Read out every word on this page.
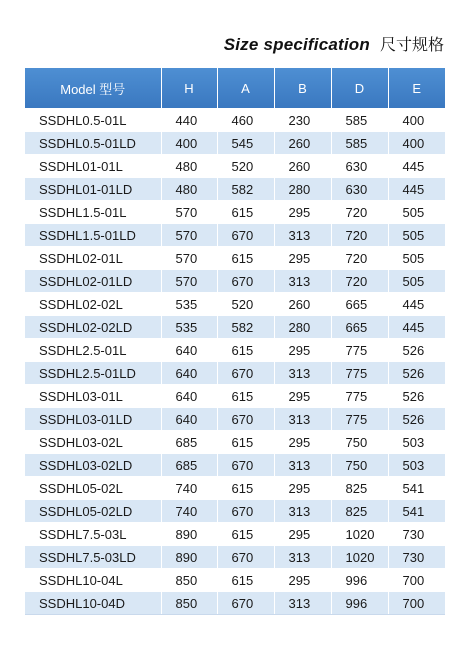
Size specification 尺寸规格
Model 型号	H	A	B	D	E
SSDHL0.5-01L	440	460	230	585	400
SSDHL0.5-01LD	400	545	260	585	400
SSDHL01-01L	480	520	260	630	445
SSDHL01-01LD	480	582	280	630	445
SSDHL1.5-01L	570	615	295	720	505
SSDHL1.5-01LD	570	670	313	720	505
SSDHL02-01L	570	615	295	720	505
SSDHL02-01LD	570	670	313	720	505
SSDHL02-02L	535	520	260	665	445
SSDHL02-02LD	535	582	280	665	445
SSDHL2.5-01L	640	615	295	775	526
SSDHL2.5-01LD	640	670	313	775	526
SSDHL03-01L	640	615	295	775	526
SSDHL03-01LD	640	670	313	775	526
SSDHL03-02L	685	615	295	750	503
SSDHL03-02LD	685	670	313	750	503
SSDHL05-02L	740	615	295	825	541
SSDHL05-02LD	740	670	313	825	541
SSDHL7.5-03L	890	615	295	1020	730
SSDHL7.5-03LD	890	670	313	1020	730
SSDHL10-04L	850	615	295	996	700
SSDHL10-04D	850	670	313	996	700
